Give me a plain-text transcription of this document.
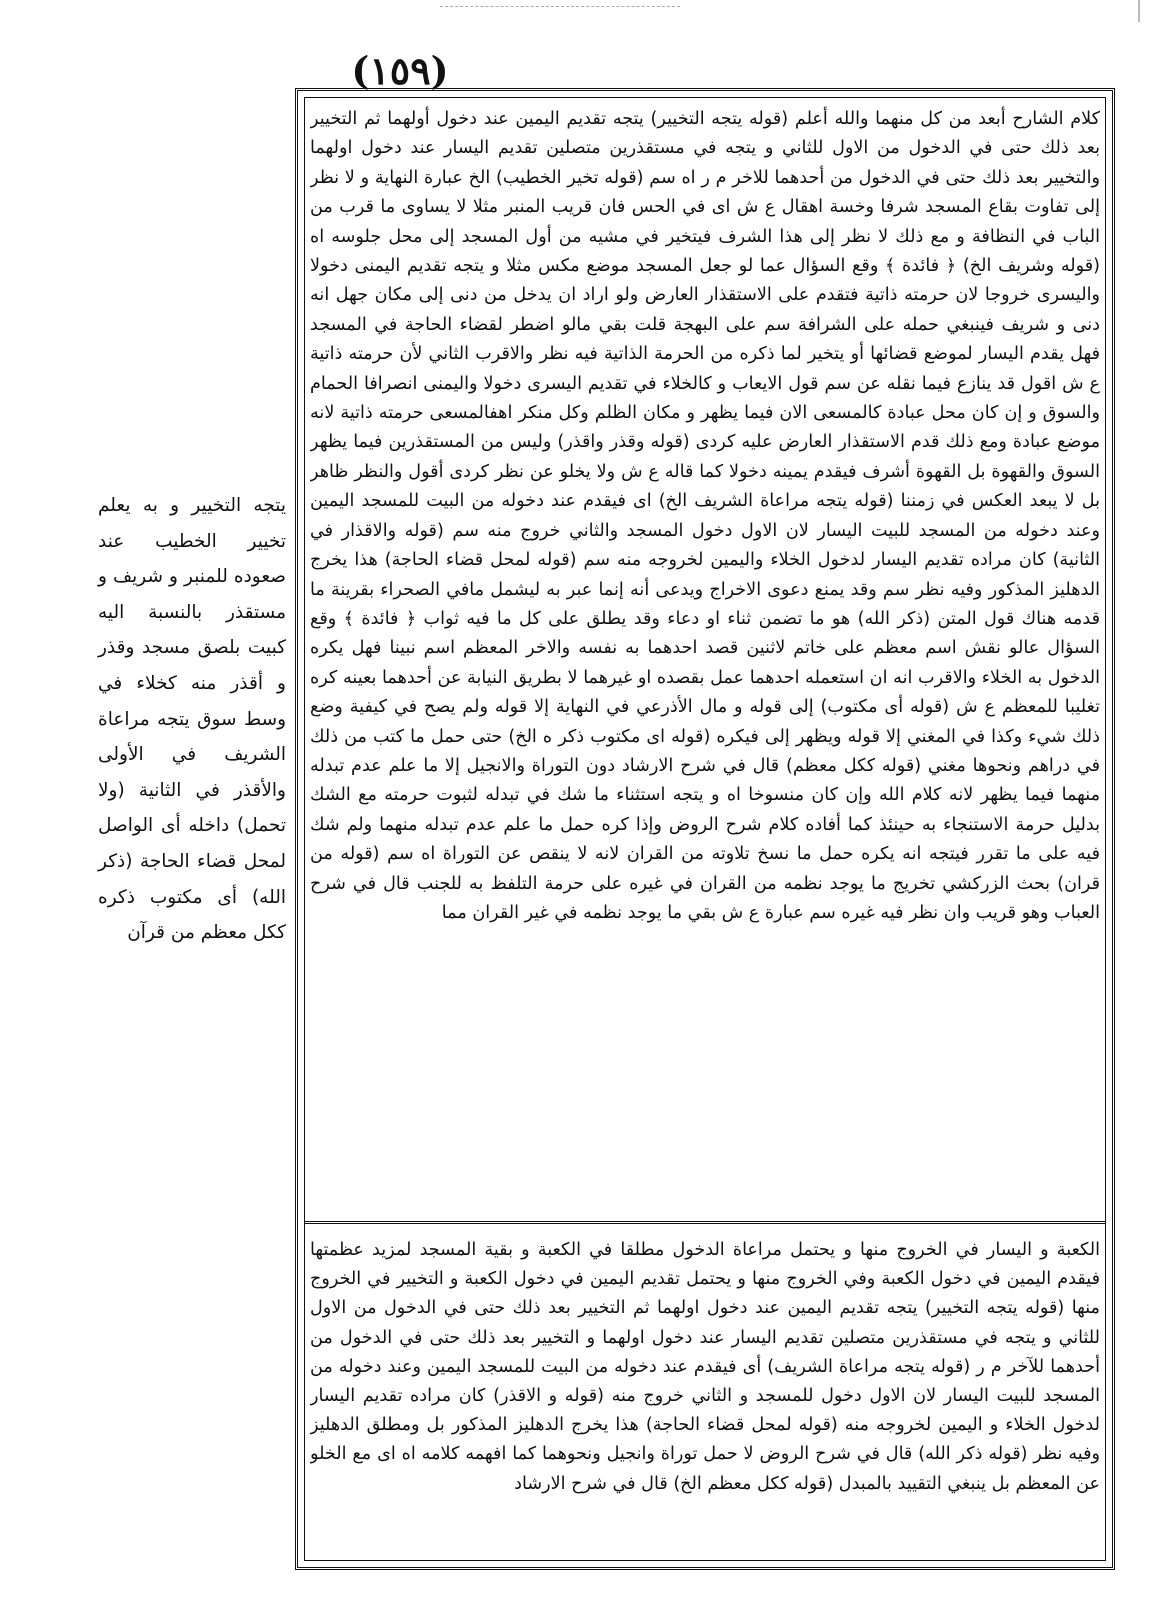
(١٥٩)

كلام الشارح أبعد من كل منهما والله أعلم (قوله يتجه التخيير) يتجه تقديم اليمين عند دخول أولهما ثم التخيير بعد ذلك حتى في الدخول من الاول للثاني و يتجه في مستقذرين متصلين تقديم اليسار عند دخول اولهما والتخيير بعد ذلك حتى في الدخول من أحدهما للاخر م ر اه سم (قوله تخير الخطيب) الخ عبارة النهاية و لا نظر إلى تفاوت بقاع المسجد شرفا وخسة اهقال ع ش اى في الحس فان قريب المنبر مثلا لا يساوى ما قرب من الباب في النظافة و مع ذلك لا نظر إلى هذا الشرف فيتخير في مشيه من أول المسجد إلى محل جلوسه اه (قوله وشريف الخ) ﴿ فائدة ﴾ وقع السؤال عما لو جعل المسجد موضع مكس مثلا و يتجه تقديم اليمنى دخولا واليسرى خروجا لان حرمته ذاتية فتقدم على الاستقذار العارض ولو اراد ان يدخل من دنى إلى مكان جهل انه دنى و شريف فينبغي حمله على الشرافة سم على البهجة قلت بقي مالو اضطر لقضاء الحاجة في المسجد فهل يقدم اليسار لموضع قضائها أو يتخير لما ذكره من الحرمة الذاتية فيه نظر والاقرب الثاني لأن حرمته ذاتية ع ش اقول قد ينازع فيما نقله عن سم قول الايعاب و كالخلاء في تقديم اليسرى دخولا واليمنى انصرافا الحمام والسوق و إن كان محل عبادة كالمسعى الان فيما يظهر و مكان الظلم وكل منكر اهفالمسعى حرمته ذاتية لانه موضع عبادة ومع ذلك قدم الاستقذار العارض عليه كردى (قوله وقذر واقذر) وليس من المستقذرين فيما يظهر السوق والقهوة بل القهوة أشرف فيقدم يمينه دخولا كما قاله ع ش ولا يخلو عن نظر كردى أقول والنظر ظاهر بل لا يبعد العكس في زمننا (قوله يتجه مراعاة الشريف الخ) اى فيقدم عند دخوله من البيت للمسجد اليمين وعند دخوله من المسجد للبيت اليسار لان الاول دخول المسجد والثاني خروج منه سم (قوله والاقذار في الثانية) كان مراده تقديم اليسار لدخول الخلاء واليمين لخروجه منه سم (قوله لمحل قضاء الحاجة) هذا يخرج الدهليز المذكور وفيه نظر سم وقد يمنع دعوى الاخراج ويدعى أنه إنما عبر به ليشمل مافي الصحراء بقرينة ما قدمه هناك قول المتن (ذكر الله) هو ما تضمن ثناء او دعاء وقد يطلق على كل ما فيه ثواب ﴿ فائدة ﴾ وقع السؤال عالو نقش اسم معظم على خاتم لاثنين قصد احدهما به نفسه والاخر المعظم اسم نبينا فهل يكره الدخول به الخلاء والاقرب انه ان استعمله احدهما عمل بقصده او غيرهما لا بطريق النيابة عن أحدهما بعينه كره تغليبا للمعظم ع ش (قوله أى مكتوب) إلى قوله و مال الأذرعي في النهاية إلا قوله ولم يصح في كيفية وضع ذلك شيء وكذا في المغني إلا قوله ويظهر إلى فيكره (قوله اى مكتوب ذكر ه الخ) حتى حمل ما كتب من ذلك في دراهم ونحوها مغني (قوله ككل معظم) قال في شرح الارشاد دون التوراة والانجيل إلا ما علم عدم تبدله منهما فيما يظهر لانه كلام الله وإن كان منسوخا اه و يتجه استثناء ما شك في تبدله لثبوت حرمته مع الشك بدليل حرمة الاستنجاء به حينئذ كما أفاده كلام شرح الروض وإذا كره حمل ما علم عدم تبدله منهما ولم شك فيه على ما تقرر فيتجه انه يكره حمل ما نسخ تلاوته من القران لانه لا ينقص عن التوراة اه سم (قوله من قران) بحث الزركشي تخريج ما يوجد نظمه من القران في غيره على حرمة التلفظ به للجنب قال في شرح العباب وهو قريب وان نظر فيه غيره سم عبارة ع ش بقي ما يوجد نظمه في غير القران مما

الكعبة و اليسار في الخروج منها و يحتمل مراعاة الدخول مطلقا في الكعبة و بقية المسجد لمزيد عظمتها فيقدم اليمين في دخول الكعبة وفي الخروج منها و يحتمل تقديم اليمين في دخول الكعبة و التخيير في الخروج منها (قوله يتجه التخيير) يتجه تقديم اليمين عند دخول اولهما ثم التخيير بعد ذلك حتى في الدخول من الاول للثاني و يتجه في مستقذرين متصلين تقديم اليسار عند دخول اولهما و التخيير بعد ذلك حتى في الدخول من أحدهما للآخر م ر (قوله يتجه مراعاة الشريف) أى فيقدم عند دخوله من البيت للمسجد اليمين وعند دخوله من المسجد للبيت اليسار لان الاول دخول للمسجد و الثاني خروج منه (قوله و الاقذر) كان مراده تقديم اليسار لدخول الخلاء و اليمين لخروجه منه (قوله لمحل قضاء الحاجة) هذا يخرج الدهليز المذكور بل ومطلق الدهليز وفيه نظر (قوله ذكر الله) قال في شرح الروض لا حمل توراة وانجيل ونحوهما كما افهمه كلامه اه اى مع الخلو عن المعظم بل ينبغي التقييد بالمبدل (قوله ككل معظم الخ) قال في شرح الارشاد

يتجه التخيير و به يعلم تخيير الخطيب عند صعوده للمنبر و شريف و مستقذر بالنسبة اليه كبيت بلصق مسجد وقذر و أقذر منه كخلاء في وسط سوق يتجه مراعاة الشريف في الأولى والأقذر في الثانية (ولا تحمل) داخله أى الواصل لمحل قضاء الحاجة (ذكر الله) أى مكتوب ذكره ككل معظم من قرآن
